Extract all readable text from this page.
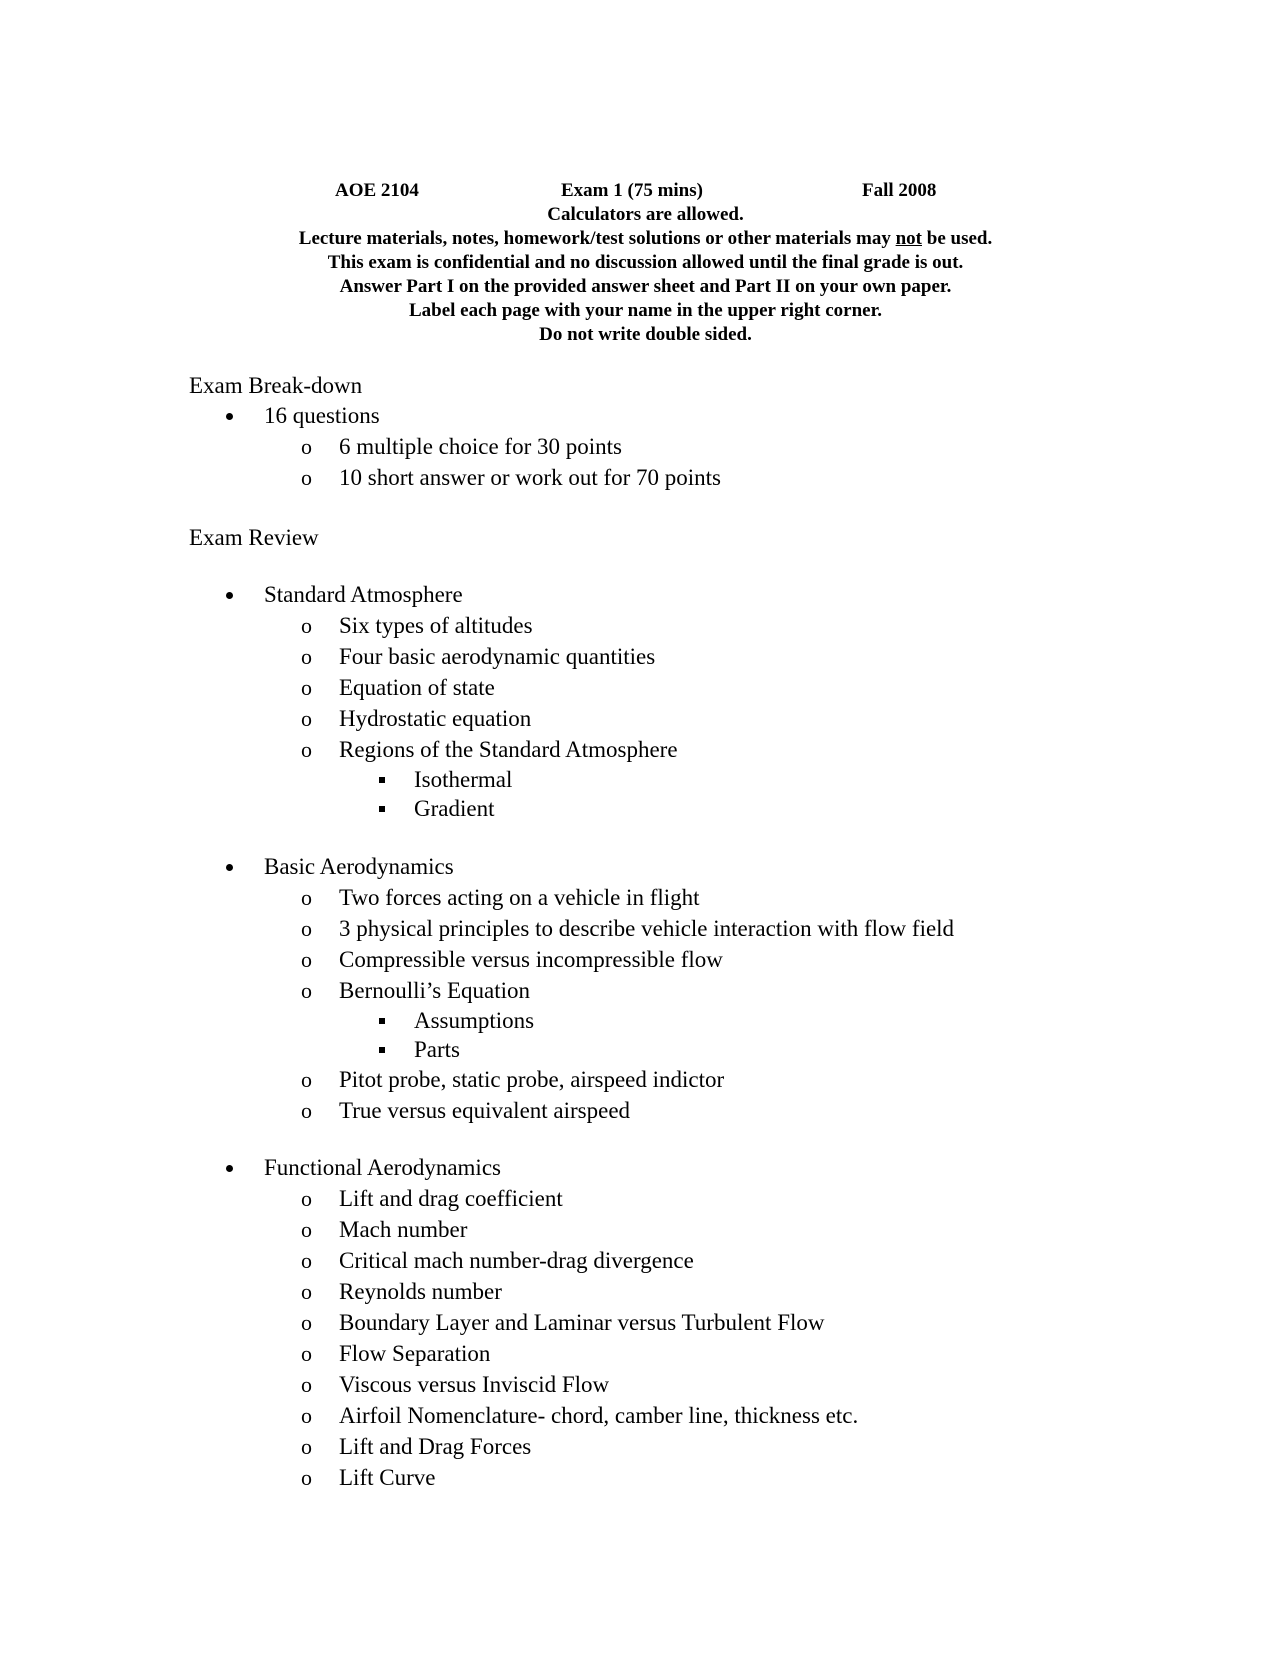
AOE 2104	Exam 1 (75 mins)	Fall 2008
Calculators are allowed.
Lecture materials, notes, homework/test solutions or other materials may not be used.
This exam is confidential and no discussion allowed until the final grade is out.
Answer Part I on the provided answer sheet and Part II on your own paper.
Label each page with your name in the upper right corner.
Do not write double sided.
Exam Break-down
16 questions
o 6 multiple choice for 30 points
o 10 short answer or work out for 70 points
Exam Review
Standard Atmosphere
o Six types of altitudes
o Four basic aerodynamic quantities
o Equation of state
o Hydrostatic equation
o Regions of the Standard Atmosphere
Isothermal
Gradient
Basic Aerodynamics
o Two forces acting on a vehicle in flight
o 3 physical principles to describe vehicle interaction with flow field
o Compressible versus incompressible flow
o Bernoulli’s Equation
Assumptions
Parts
o Pitot probe, static probe, airspeed indictor
o True versus equivalent airspeed
Functional Aerodynamics
o Lift and drag coefficient
o Mach number
o Critical mach number-drag divergence
o Reynolds number
o Boundary Layer and Laminar versus Turbulent Flow
o Flow Separation
o Viscous versus Inviscid Flow
o Airfoil Nomenclature- chord, camber line, thickness etc.
o Lift and Drag Forces
o Lift Curve
